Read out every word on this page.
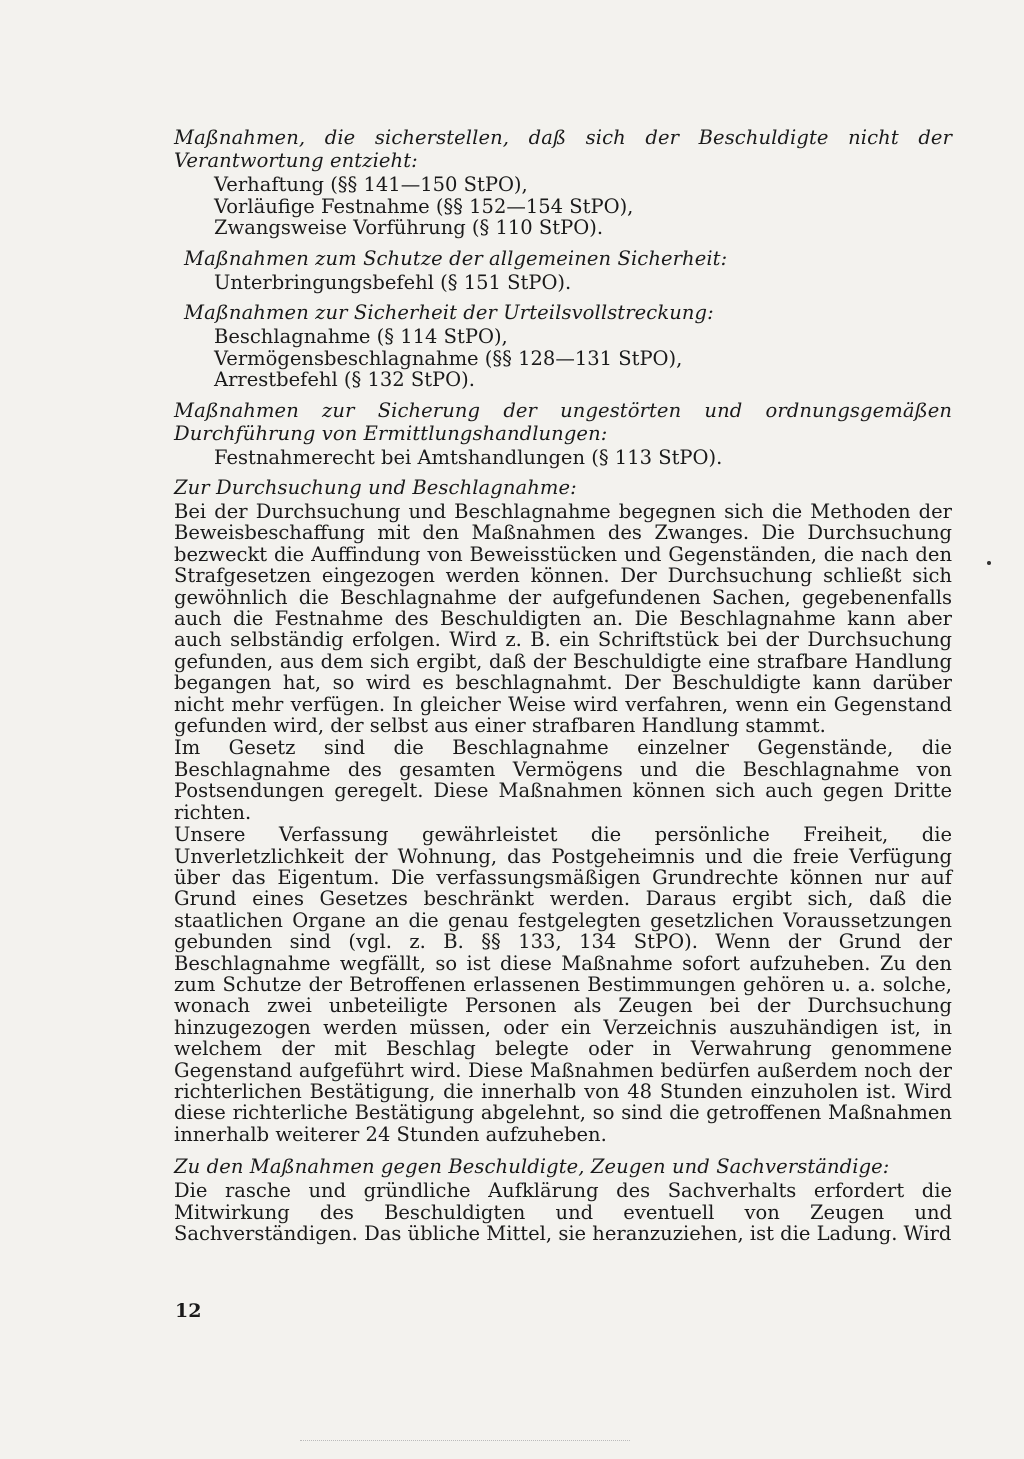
Maßnahmen, die sicherstellen, daß sich der Beschuldigte nicht der Verantwortung entzieht:
Verhaftung (§§ 141—150 StPO),
Vorläufige Festnahme (§§ 152—154 StPO),
Zwangsweise Vorführung (§ 110 StPO).
Maßnahmen zum Schutze der allgemeinen Sicherheit:
Unterbringungsbefehl (§ 151 StPO).
Maßnahmen zur Sicherheit der Urteilsvollstreckung:
Beschlagnahme (§ 114 StPO),
Vermögensbeschlagnahme (§§ 128—131 StPO),
Arrestbefehl (§ 132 StPO).
Maßnahmen zur Sicherung der ungestörten und ordnungsgemäßen Durchführung von Ermittlungshandlungen:
Festnahmerecht bei Amtshandlungen (§ 113 StPO).
Zur Durchsuchung und Beschlagnahme:

Bei der Durchsuchung und Beschlagnahme begegnen sich die Methoden der Beweisbeschaffung mit den Maßnahmen des Zwanges. Die Durchsuchung bezweckt die Auffindung von Beweisstücken und Gegenständen, die nach den Strafgesetzen eingezogen werden können. Der Durchsuchung schließt sich gewöhnlich die Beschlagnahme der aufgefundenen Sachen, gegebenenfalls auch die Festnahme des Beschuldigten an. Die Beschlagnahme kann aber auch selbständig erfolgen. Wird z. B. ein Schriftstück bei der Durchsuchung gefunden, aus dem sich ergibt, daß der Beschuldigte eine strafbare Handlung begangen hat, so wird es beschlagnahmt. Der Beschuldigte kann darüber nicht mehr verfügen. In gleicher Weise wird verfahren, wenn ein Gegenstand gefunden wird, der selbst aus einer strafbaren Handlung stammt.

Im Gesetz sind die Beschlagnahme einzelner Gegenstände, die Beschlagnahme des gesamten Vermögens und die Beschlagnahme von Postsendungen geregelt. Diese Maßnahmen können sich auch gegen Dritte richten.

Unsere Verfassung gewährleistet die persönliche Freiheit, die Unverletzlichkeit der Wohnung, das Postgeheimnis und die freie Verfügung über das Eigentum. Die verfassungsmäßigen Grundrechte können nur auf Grund eines Gesetzes beschränkt werden. Daraus ergibt sich, daß die staatlichen Organe an die genau festgelegten gesetzlichen Voraussetzungen gebunden sind (vgl. z. B. §§ 133, 134 StPO). Wenn der Grund der Beschlagnahme wegfällt, so ist diese Maßnahme sofort aufzuheben. Zu den zum Schutze der Betroffenen erlassenen Bestimmungen gehören u. a. solche, wonach zwei unbeteiligte Personen als Zeugen bei der Durchsuchung hinzugezogen werden müssen, oder ein Verzeichnis auszuhändigen ist, in welchem der mit Beschlag belegte oder in Verwahrung genommene Gegenstand aufgeführt wird. Diese Maßnahmen bedürfen außerdem noch der richterlichen Bestätigung, die innerhalb von 48 Stunden einzuholen ist. Wird diese richterliche Bestätigung abgelehnt, so sind die getroffenen Maßnahmen innerhalb weiterer 24 Stunden aufzuheben.

Zu den Maßnahmen gegen Beschuldigte, Zeugen und Sachverständige:

Die rasche und gründliche Aufklärung des Sachverhalts erfordert die Mitwirkung des Beschuldigten und eventuell von Zeugen und Sachverständigen. Das übliche Mittel, sie heranzuziehen, ist die Ladung. Wird

12
